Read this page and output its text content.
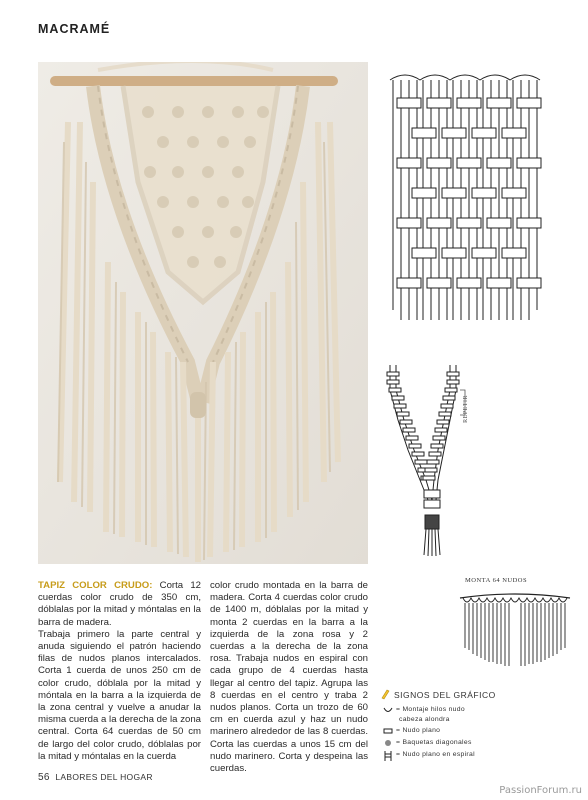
MACRAMÉ
REPETIR
MONTA 64 NUDOS

TAPIZ COLOR CRUDO: Corta 12 cuerdas color crudo de 350 cm, dóblalas por la mitad y móntalas en la barra de madera.

Trabaja primero la parte central y anuda siguiendo el patrón haciendo filas de nudos planos intercalados. Corta 1 cuerda de unos 250 cm de color crudo, dóblala por la mitad y móntala en la barra a la izquierda de la zona central y vuelve a anudar la misma cuerda a la derecha de la zona central. Corta 64 cuerdas de 50 cm de largo del color crudo, dóblalas por la mitad y móntalas en la cuerda

color crudo montada en la barra de madera. Corta 4 cuerdas color crudo de 1400 m, dóblalas por la mitad y monta 2 cuerdas en la barra a la izquierda de la zona rosa y 2 cuerdas a la derecha de la zona rosa. Trabaja nudos en espiral con cada grupo de 4 cuerdas hasta llegar al centro del tapiz. Agrupa las 8 cuerdas en el centro y traba 2 nudos planos. Corta un trozo de 60 cm en cuerda azul y haz un nudo marinero alrededor de las 8 cuerdas. Corta las cuerdas a unos 15 cm del nudo marinero. Corta y despeina las cuerdas.

SIGNOS DEL GRÁFICO
= Montaje hilos nudo
cabeza alondra
= Nudo plano
= Baquetas diagonales
= Nudo plano en espiral
56 LABORES DEL HOGAR
PassionForum.ru
